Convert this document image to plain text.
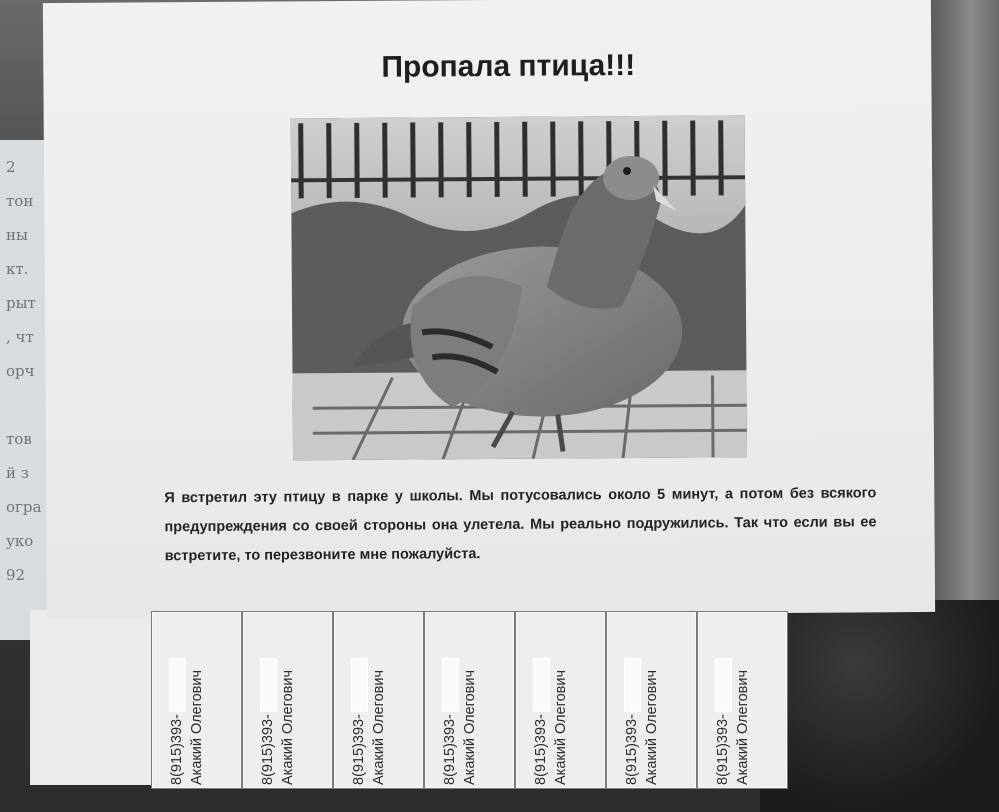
2
тон
ны
кт.
рыт
, чт
орч

тов
й з
огра
уко
92
Пропала птица!!!
Я встретил эту птицу в парке у школы. Мы потусовались около 5 минут, а потом без всякого предупреждения со своей стороны она улетела. Мы реально подружились. Так что если вы ее встретите, то перезвоните мне пожалуйста.
8(915)393- Акакий Олегович	8(915)393- Акакий Олегович	8(915)393- Акакий Олегович	8(915)393- Акакий Олегович	8(915)393- Акакий Олегович	8(915)393- Акакий Олегович	8(915)393- Акакий Олегович
